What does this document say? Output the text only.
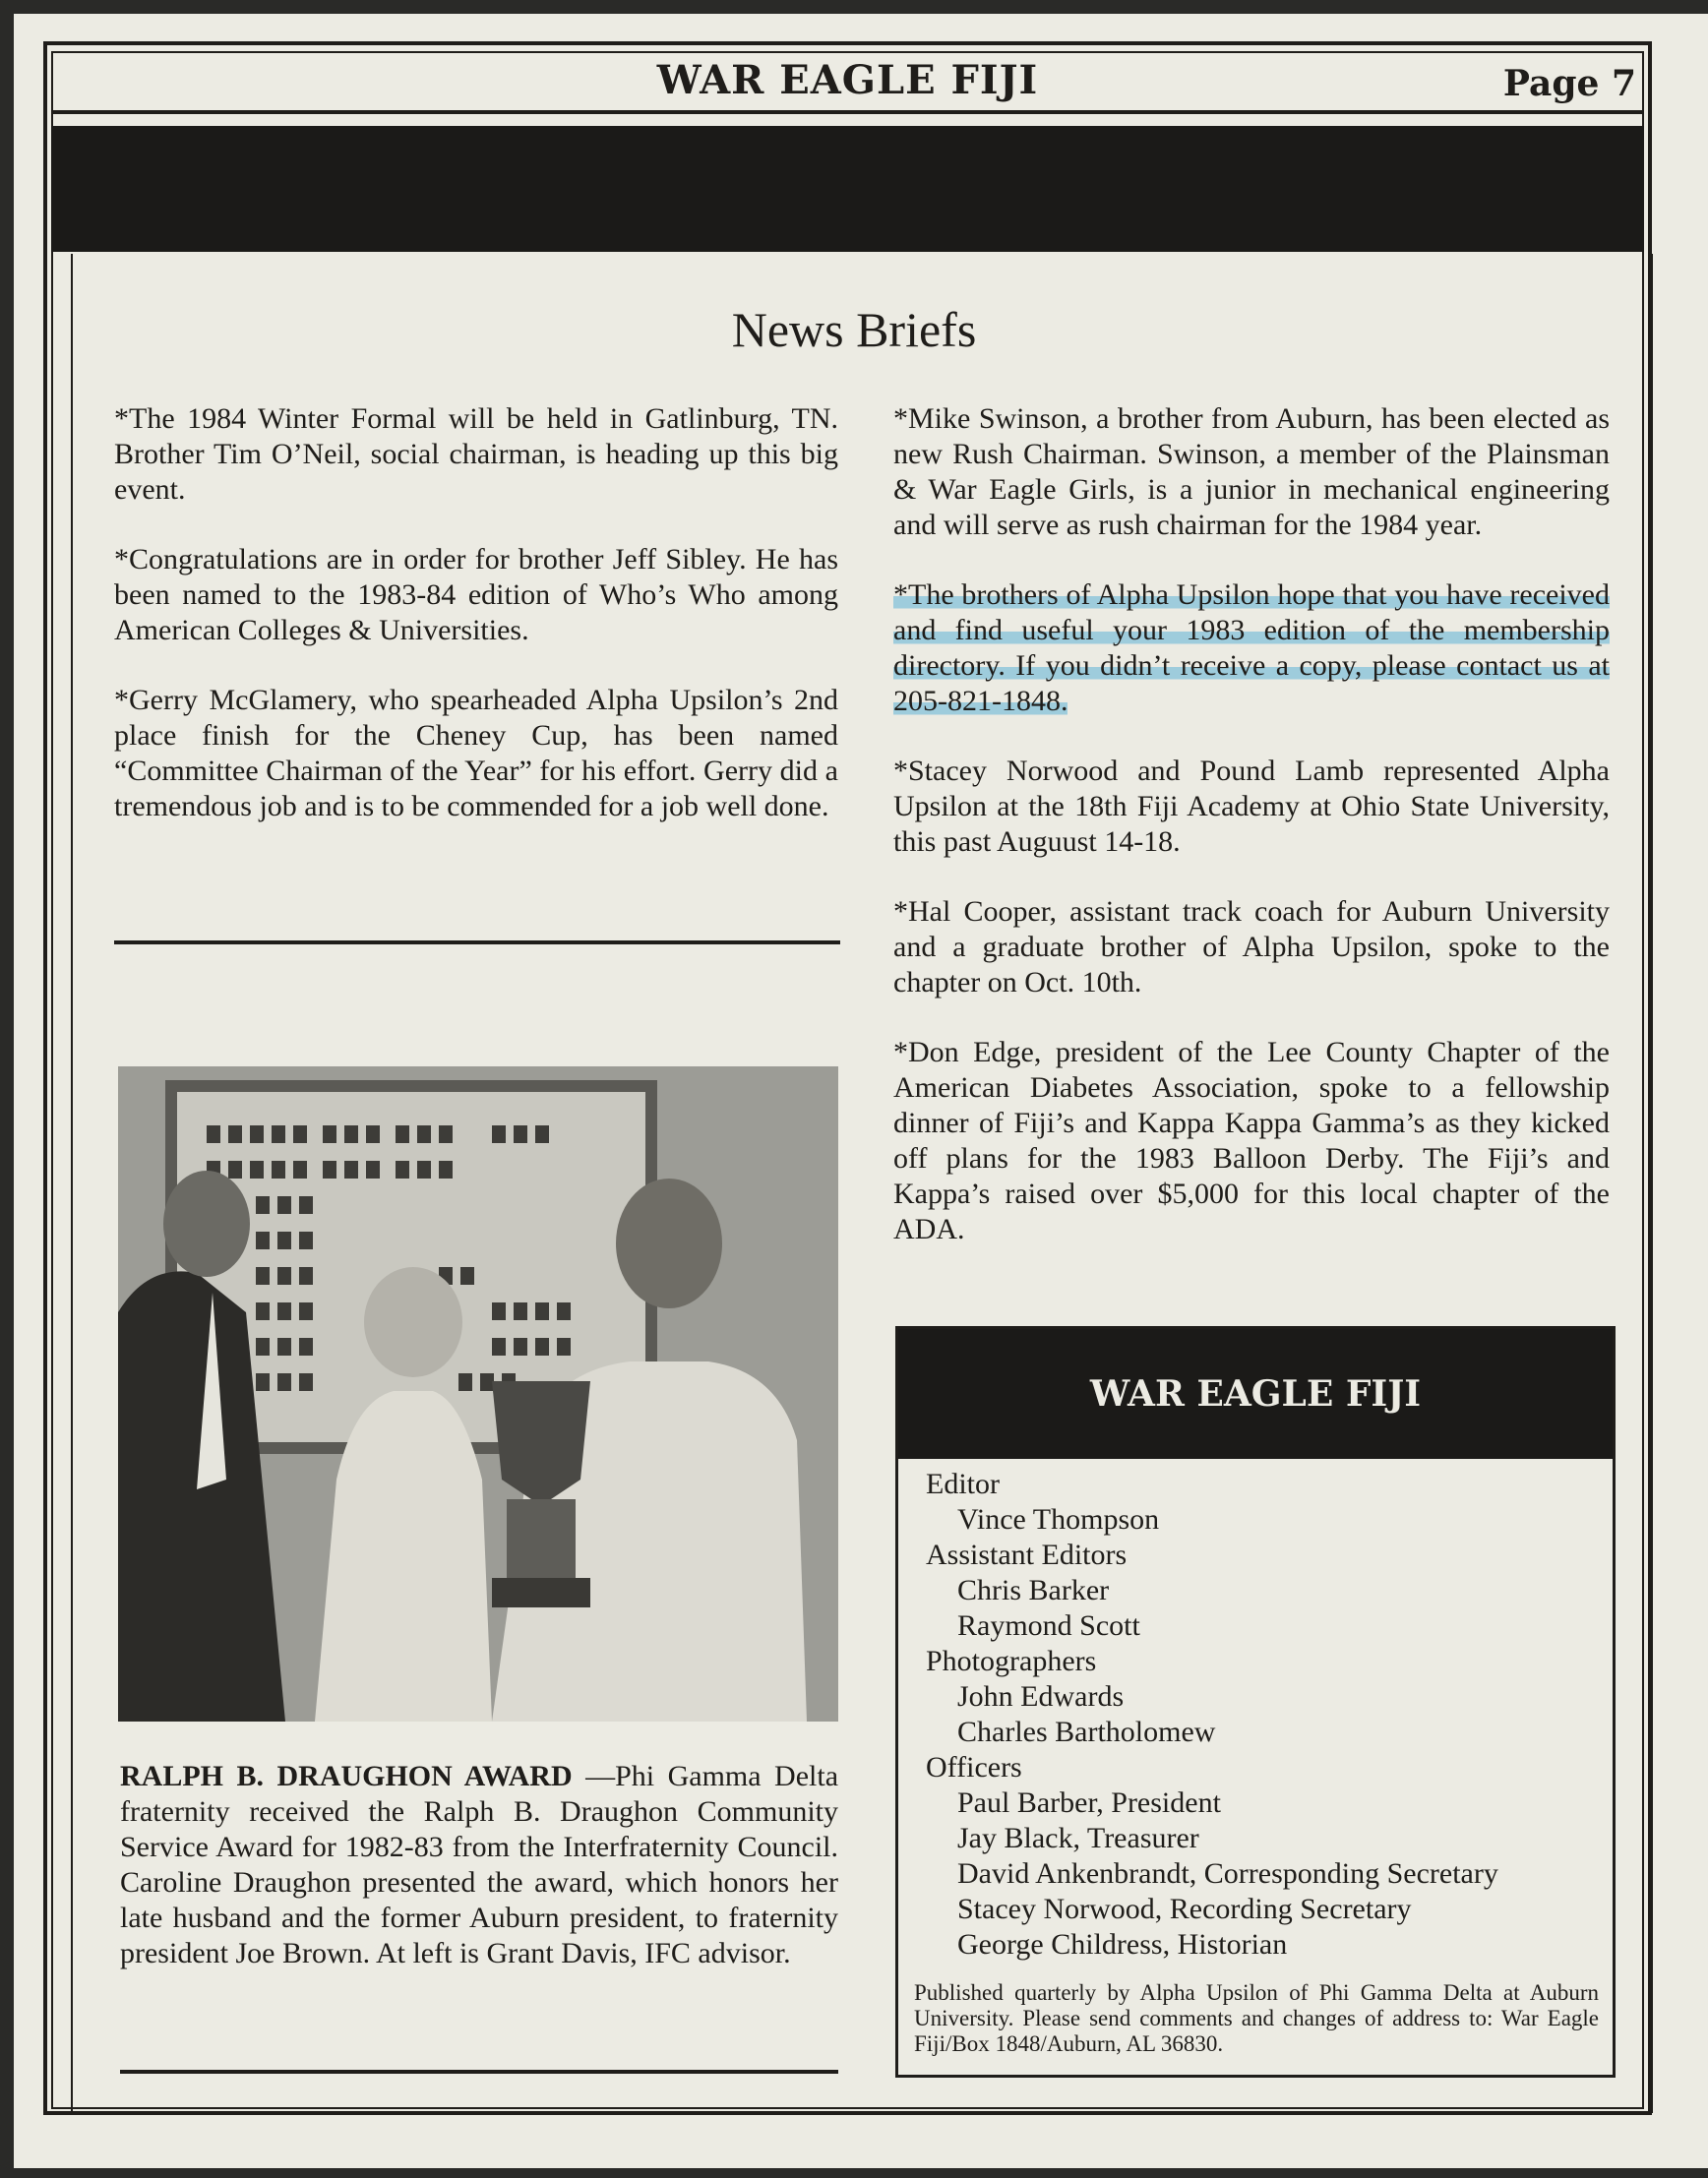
WAR EAGLE FIJI	Page 7
News Briefs

*The 1984 Winter Formal will be held in Gatlinburg, TN. Brother Tim O’Neil, social chairman, is heading up this big event.

*Congratulations are in order for brother Jeff Sibley. He has been named to the 1983-84 edition of Who’s Who among American Colleges & Universities.

*Gerry McGlamery, who spearheaded Alpha Upsilon’s 2nd place finish for the Cheney Cup, has been named “Committee Chairman of the Year” for his effort. Gerry did a tremendous job and is to be commended for a job well done.

*Mike Swinson, a brother from Auburn, has been elected as new Rush Chairman. Swinson, a member of the Plainsman & War Eagle Girls, is a junior in mechanical engineering and will serve as rush chairman for the 1984 year.

*The brothers of Alpha Upsilon hope that you have received and find useful your 1983 edition of the membership directory. If you didn’t receive a copy, please contact us at 205-821-1848.

*Stacey Norwood and Pound Lamb represented Alpha Upsilon at the 18th Fiji Academy at Ohio State University, this past Auguust 14-18.

*Hal Cooper, assistant track coach for Auburn University and a graduate brother of Alpha Upsilon, spoke to the chapter on Oct. 10th.

*Don Edge, president of the Lee County Chapter of the American Diabetes Association, spoke to a fellowship dinner of Fiji’s and Kappa Kappa Gamma’s as they kicked off plans for the 1983 Balloon Derby. The Fiji’s and Kappa’s raised over $5,000 for this local chapter of the ADA.

RALPH B. DRAUGHON AWARD —Phi Gamma Delta fraternity received the Ralph B. Draughon Community Service Award for 1982-83 from the Interfraternity Council. Caroline Draughon presented the award, which honors her late husband and the former Auburn president, to fraternity president Joe Brown. At left is Grant Davis, IFC advisor.
WAR EAGLE FIJI
Editor
Vince Thompson
Assistant Editors
Chris Barker
Raymond Scott
Photographers
John Edwards
Charles Bartholomew
Officers
Paul Barber, President
Jay Black, Treasurer
David Ankenbrandt, Corresponding Secretary
Stacey Norwood, Recording Secretary
George Childress, Historian
Published quarterly by Alpha Upsilon of Phi Gamma Delta at Auburn University. Please send comments and changes of address to: War Eagle Fiji/Box 1848/Auburn, AL 36830.
